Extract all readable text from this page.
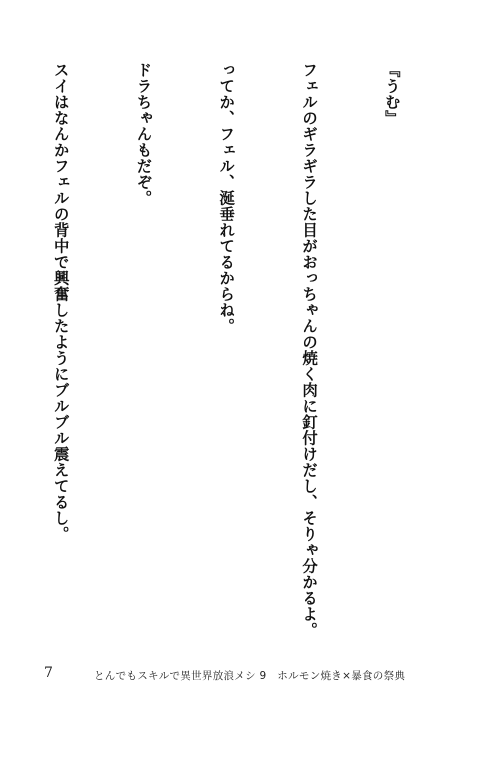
『うむ』

フェルのギラギラした目がおっちゃんの焼く肉に釘付けだし、そりゃ分かるよ。

ってか、フェル、涎垂れてるからね。

ドラちゃんもだぞ。

スイはなんかフェルの背中で興奮したようにブルブル震えてるし。

7	とんでもスキルで異世界放浪メシ 9　ホルモン焼き×暴食の祭典
